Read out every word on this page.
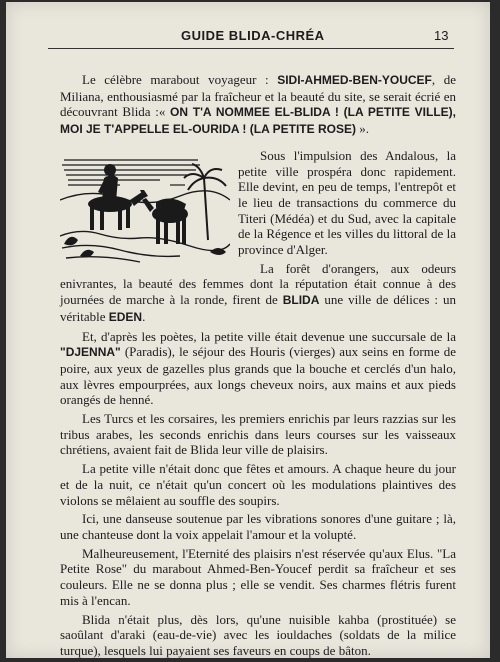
GUIDE BLIDA-CHRÉA	13

Le célèbre marabout voyageur : SIDI-AHMED-BEN-YOUCEF, de Miliana, enthousiasmé par la fraîcheur et la beauté du site, se serait écrié en découvrant Blida :« ON T'A NOMMEE EL-BLIDA ! (LA PETITE VILLE), MOI JE T'APPELLE EL-OURIDA ! (LA PETITE ROSE) ».

Sous l'impulsion des Andalous, la petite ville prospéra donc rapidement. Elle devint, en peu de temps, l'entrepôt et le lieu de transactions du commerce du Titeri (Médéa) et du Sud, avec la capitale de la Régence et les villes du littoral de la province d'Alger.

La forêt d'orangers, aux odeurs enivrantes, la beauté des femmes dont la réputation était connue à des journées de marche à la ronde, firent de BLIDA une ville de délices : un véritable EDEN.

Et, d'après les poètes, la petite ville était devenue une succursale de la "DJENNA" (Paradis), le séjour des Houris (vierges) aux seins en forme de poire, aux yeux de gazelles plus grands que la bouche et cerclés d'un halo, aux lèvres empourprées, aux longs cheveux noirs, aux mains et aux pieds orangés de henné.

Les Turcs et les corsaires, les premiers enrichis par leurs razzias sur les tribus arabes, les seconds enrichis dans leurs courses sur les vaisseaux chrétiens, avaient fait de Blida leur ville de plaisirs.

La petite ville n'était donc que fêtes et amours. A chaque heure du jour et de la nuit, ce n'était qu'un concert où les modulations plaintives des violons se mêlaient au souffle des soupirs.

Ici, une danseuse soutenue par les vibrations sonores d'une guitare ; là, une chanteuse dont la voix appelait l'amour et la volupté.

Malheureusement, l'Eternité des plaisirs n'est réservée qu'aux Elus. "La Petite Rose" du marabout Ahmed-Ben-Youcef perdit sa fraîcheur et ses couleurs. Elle ne se donna plus ; elle se vendit. Ses charmes flétris furent mis à l'encan.

Blida n'était plus, dès lors, qu'une nuisible kahba (prostituée) se saoûlant d'araki (eau-de-vie) avec les iouldaches (soldats de la milice turque), lesquels lui payaient ses faveurs en coups de bâton.
